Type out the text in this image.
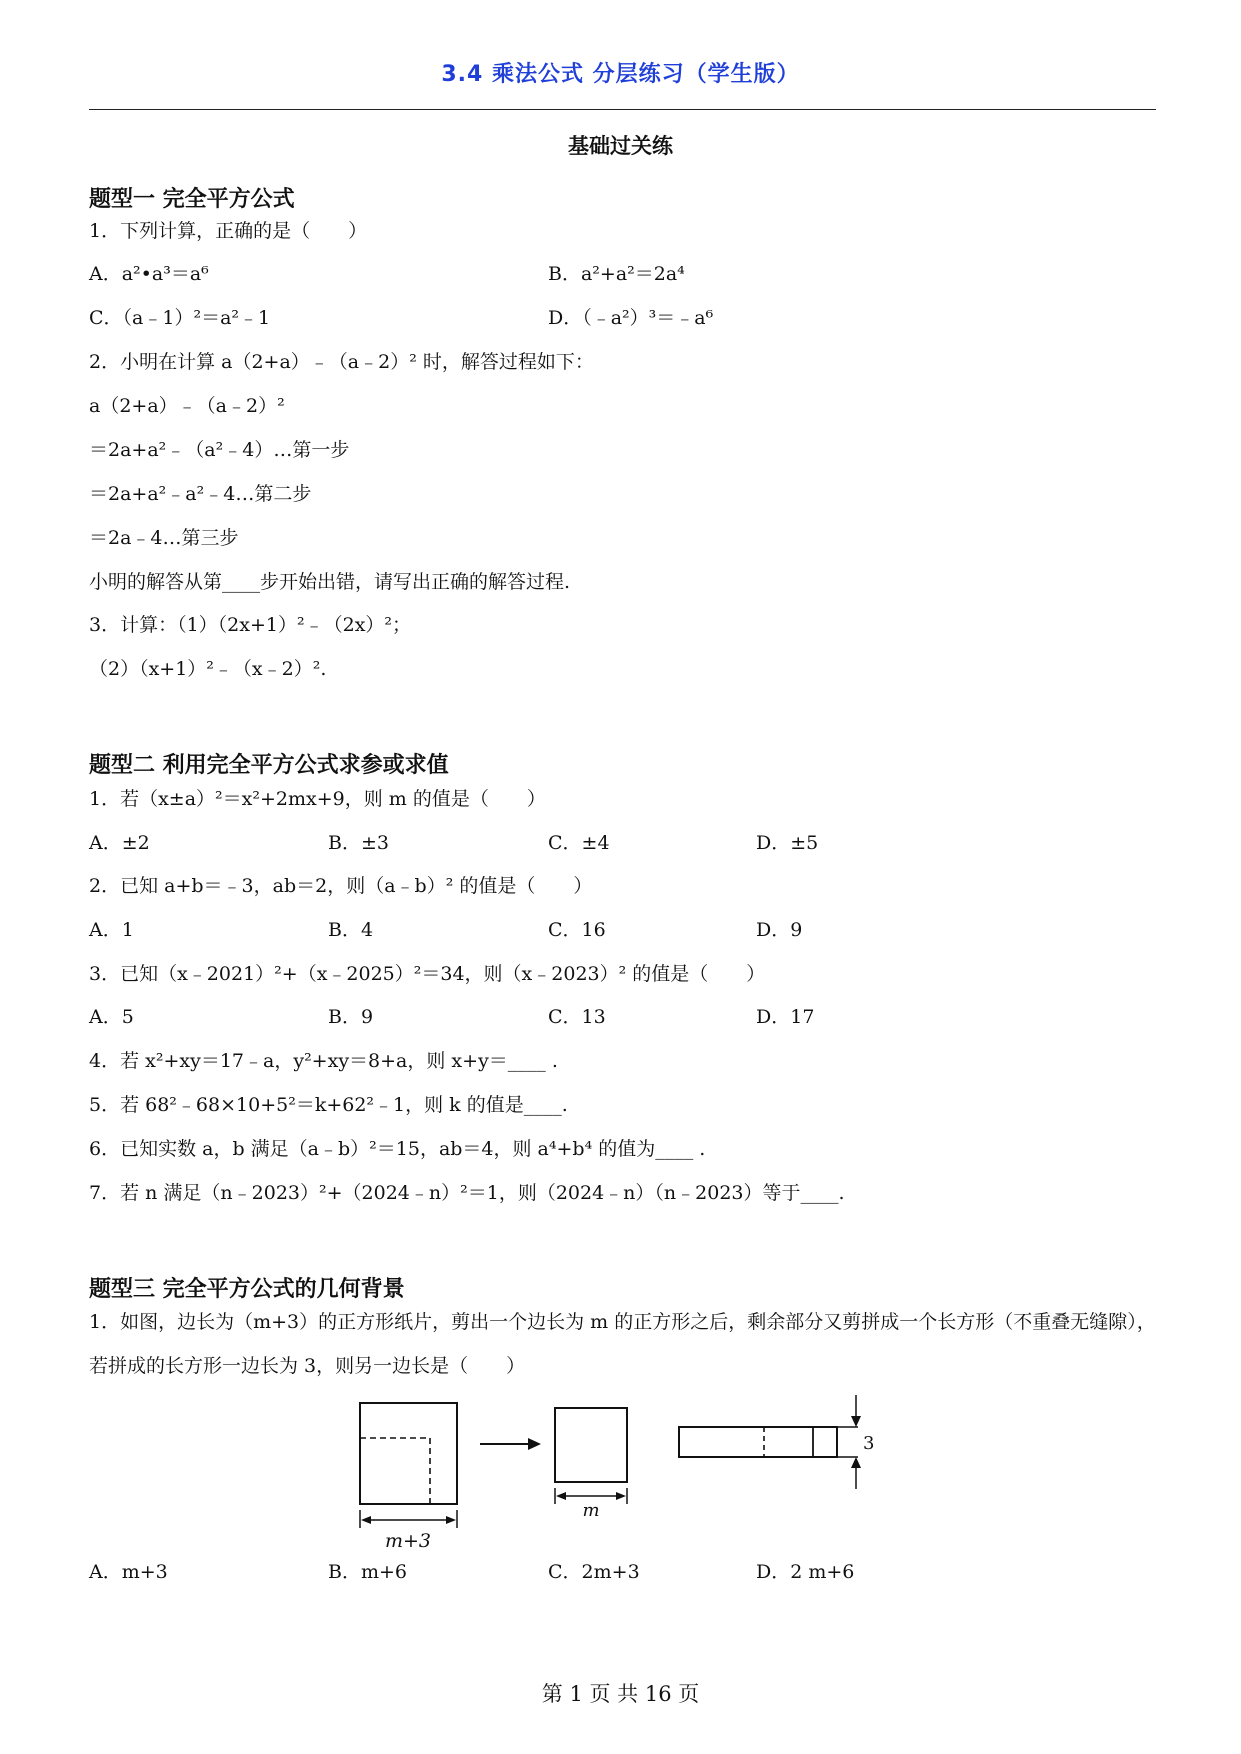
3.4 乘法公式 分层练习（学生版）
基础过关练
题型一 完全平方公式
1．下列计算，正确的是（　　）
A．a²•a³＝a⁶	B．a²+a²＝2a⁴
C．（a﹣1）²＝a²﹣1	D．（﹣a²）³＝﹣a⁶
2．小明在计算 a（2+a）﹣（a﹣2）² 时，解答过程如下：
a（2+a）﹣（a﹣2）²
＝2a+a²﹣（a²﹣4）…第一步
＝2a+a²﹣a²﹣4…第二步
＝2a﹣4…第三步
小明的解答从第____步开始出错，请写出正确的解答过程.
3．计算：（1）（2x+1）²﹣（2x）²；
（2）（x+1）²﹣（x﹣2）².
题型二 利用完全平方公式求参或求值
1．若（x±a）²＝x²+2mx+9，则 m 的值是（　　）
A．±2	B．±3	C．±4	D．±5
2．已知 a+b＝﹣3，ab＝2，则（a﹣b）² 的值是（　　）
A．1	B．4	C．16	D．9
3．已知（x﹣2021）²+（x﹣2025）²＝34，则（x﹣2023）² 的值是（　　）
A．5	B．9	C．13	D．17
4．若 x²+xy＝17﹣a，y²+xy＝8+a，则 x+y＝____ .
5．若 68²﹣68×10+5²＝k+62²﹣1，则 k 的值是____.
6．已知实数 a，b 满足（a﹣b）²＝15，ab＝4，则 a⁴+b⁴ 的值为____ .
7．若 n 满足（n﹣2023）²+（2024﹣n）²＝1，则（2024﹣n）（n﹣2023）等于____.
题型三 完全平方公式的几何背景
1．如图，边长为（m+3）的正方形纸片，剪出一个边长为 m 的正方形之后，剩余部分又剪拼成一个长方形（不重叠无缝隙），若拼成的长方形一边长为 3，则另一边长是（　　）
m+3
m
3
A．m+3	B．m+6	C．2m+3	D．2 m+6
第 1 页 共 16 页
